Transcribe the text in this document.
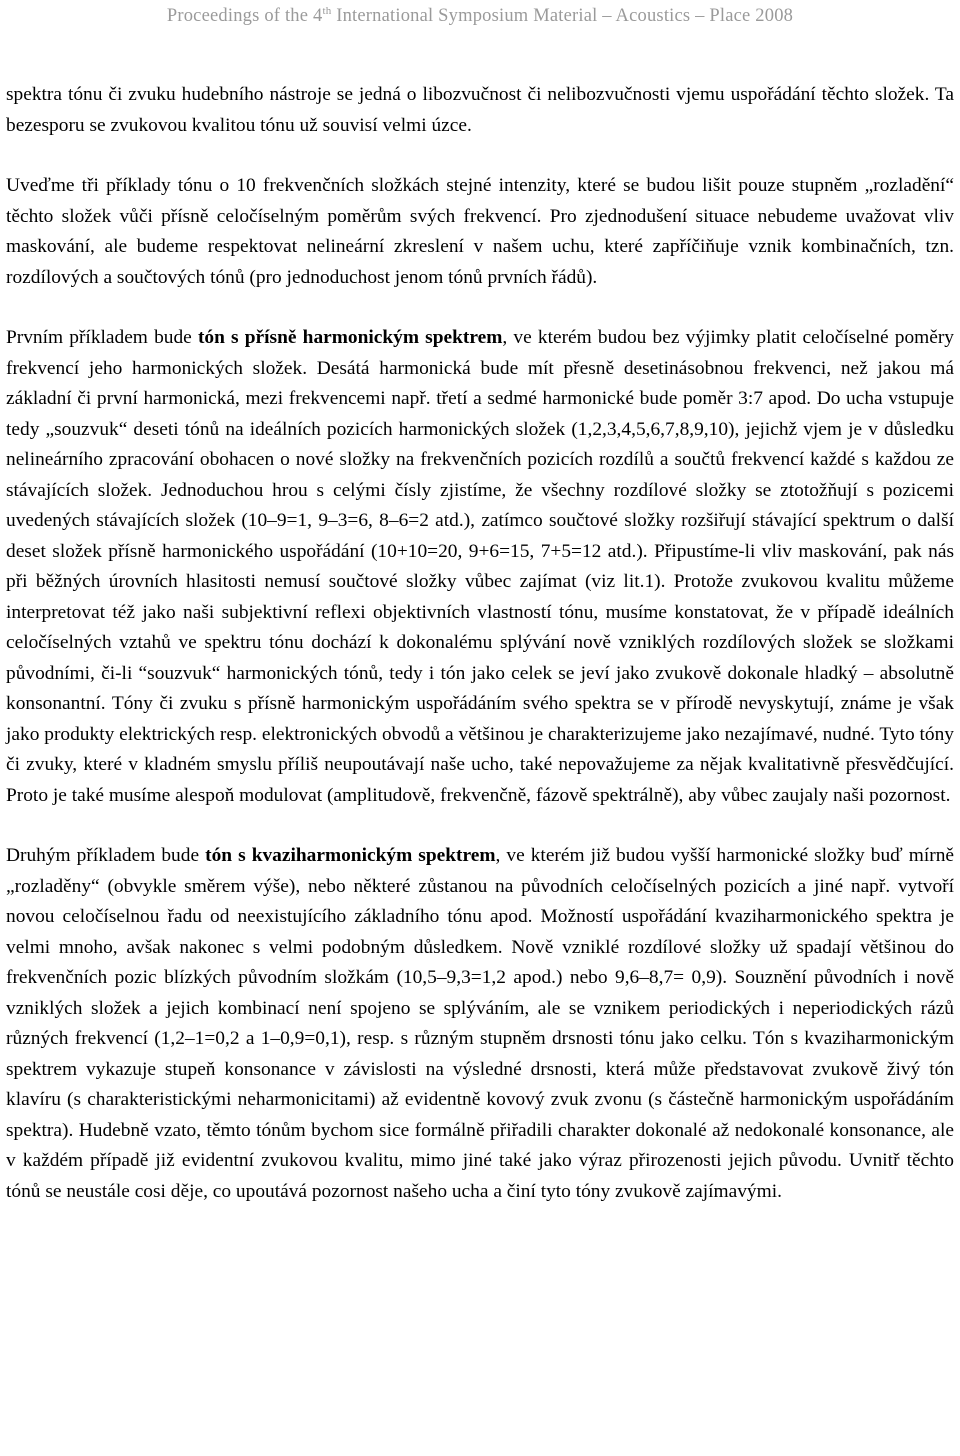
Proceedings of the 4th International Symposium Material – Acoustics – Place 2008

spektra tónu či zvuku hudebního nástroje se jedná o libozvučnost či nelibozvučnosti vjemu uspořádání těchto složek. Ta bezesporu se zvukovou kvalitou tónu už souvisí velmi úzce.

Uveďme tři příklady tónu o 10 frekvenčních složkách stejné intenzity, které se budou lišit pouze stupněm „rozladění“ těchto složek vůči přísně celočíselným poměrům svých frekvencí. Pro zjednodušení situace nebudeme uvažovat vliv maskování, ale budeme respektovat nelineární zkreslení v našem uchu, které zapříčiňuje vznik kombinačních, tzn. rozdílových a součtových tónů (pro jednoduchost jenom tónů prvních řádů).

Prvním příkladem bude tón s přísně harmonickým spektrem, ve kterém budou bez výjimky platit celočíselné poměry frekvencí jeho harmonických složek. Desátá harmonická bude mít přesně desetinásobnou frekvenci, než jakou má základní či první harmonická, mezi frekvencemi např. třetí a sedmé harmonické bude poměr 3:7 apod. Do ucha vstupuje tedy „souzvuk“ deseti tónů na ideálních pozicích harmonických složek (1,2,3,4,5,6,7,8,9,10), jejichž vjem je v důsledku nelineárního zpracování obohacen o nové složky na frekvenčních pozicích rozdílů a součtů frekvencí každé s každou ze stávajících složek. Jednoduchou hrou s celými čísly zjistíme, že všechny rozdílové složky se ztotožňují s pozicemi uvedených stávajících složek (10–9=1, 9–3=6, 8–6=2 atd.), zatímco součtové složky rozšiřují stávající spektrum o další deset složek přísně harmonického uspořádání (10+10=20, 9+6=15, 7+5=12 atd.). Připustíme-li vliv maskování, pak nás při běžných úrovních hlasitosti nemusí součtové složky vůbec zajímat (viz lit.1). Protože zvukovou kvalitu můžeme interpretovat též jako naši subjektivní reflexi objektivních vlastností tónu, musíme konstatovat, že v případě ideálních celočíselných vztahů ve spektru tónu dochází k dokonalému splývání nově vzniklých rozdílových složek se složkami původními, či-li “souzvuk“ harmonických tónů, tedy i tón jako celek se jeví jako zvukově dokonale hladký – absolutně konsonantní. Tóny či zvuku s přísně harmonickým uspořádáním svého spektra se v přírodě nevyskytují, známe je však jako produkty elektrických resp. elektronických obvodů a většinou je charakterizujeme jako nezajímavé, nudné. Tyto tóny či zvuky, které v kladném smyslu příliš neupoutávají naše ucho, také nepovažujeme za nějak kvalitativně přesvědčující. Proto je také musíme alespoň modulovat (amplitudově, frekvenčně, fázově spektrálně), aby vůbec zaujaly naši pozornost.

Druhým příkladem bude tón s kvaziharmonickým spektrem, ve kterém již budou vyšší harmonické složky buď mírně „rozladěny“ (obvykle směrem výše), nebo některé zůstanou na původních celočíselných pozicích a jiné např. vytvoří novou celočíselnou řadu od neexistujícího základního tónu apod. Možností uspořádání kvaziharmonického spektra je velmi mnoho, avšak nakonec s velmi podobným důsledkem. Nově vzniklé rozdílové složky už spadají většinou do frekvenčních pozic blízkých původním složkám (10,5–9,3=1,2 apod.) nebo 9,6–8,7= 0,9). Souznění původních i nově vzniklých složek a jejich kombinací není spojeno se splýváním, ale se vznikem periodických i neperiodických rázů různých frekvencí (1,2–1=0,2 a 1–0,9=0,1), resp. s různým stupněm drsnosti tónu jako celku. Tón s kvaziharmonickým spektrem vykazuje stupeň konsonance v závislosti na výsledné drsnosti, která může představovat zvukově živý tón klavíru (s charakteristickými neharmonicitami) až evidentně kovový zvuk zvonu (s částečně harmonickým uspořádáním spektra). Hudebně vzato, těmto tónům bychom sice formálně přiřadili charakter dokonalé až nedokonalé konsonance, ale v každém případě již evidentní zvukovou kvalitu, mimo jiné také jako výraz přirozenosti jejich původu. Uvnitř těchto tónů se neustále cosi děje, co upoutává pozornost našeho ucha a činí tyto tóny zvukově zajímavými.
